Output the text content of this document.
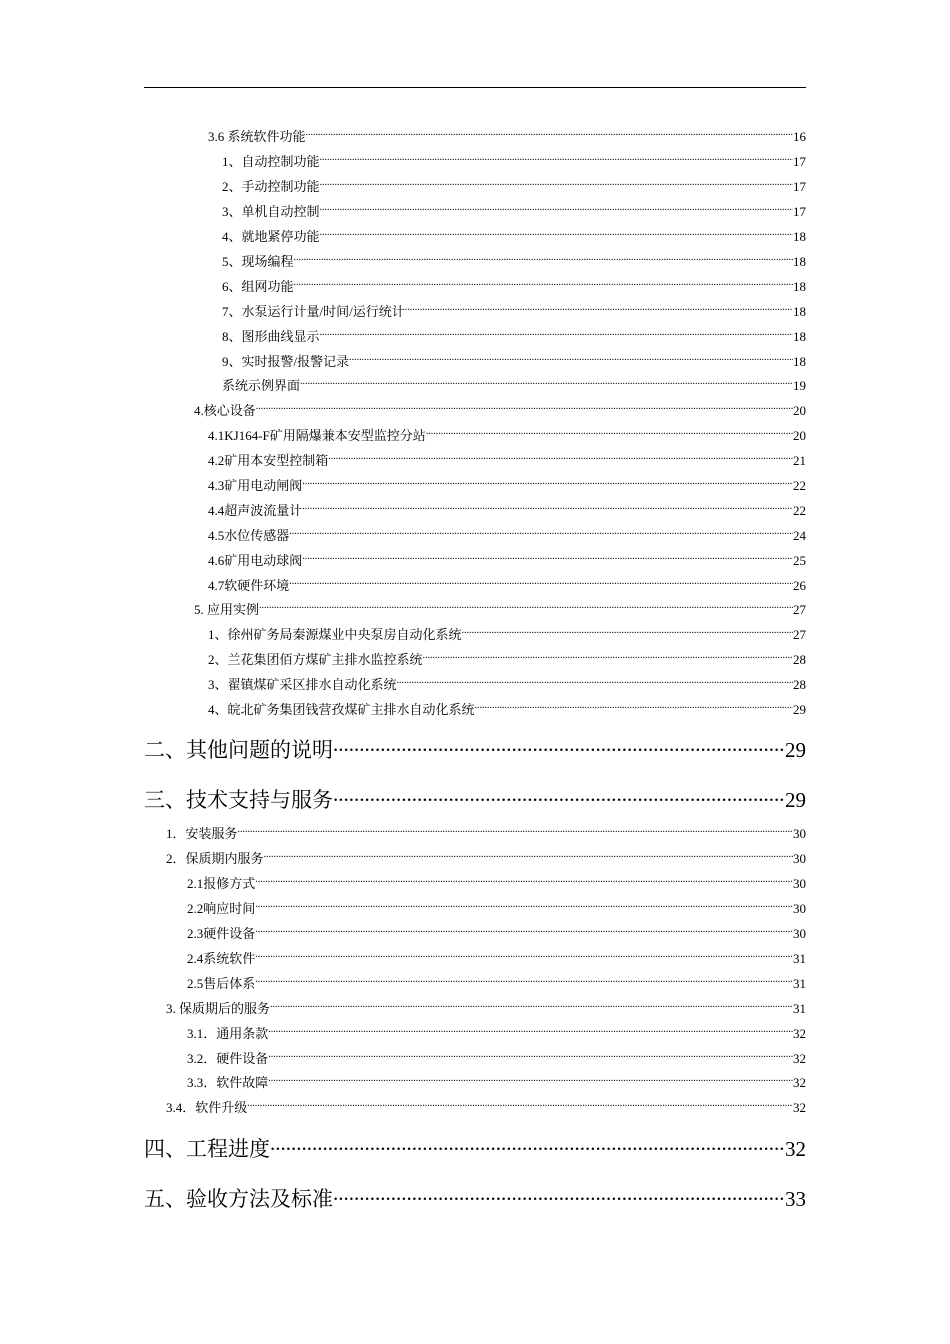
3.6 系统软件功能 .....	16
1、自动控制功能 .....	17
2、手动控制功能 .....	17
3、单机自动控制 .....	17
4、就地紧停功能 .....	18
5、现场编程 .....	18
6、组网功能 .....	18
7、水泵运行计量/时间/运行统计 .....	18
8、图形曲线显示 .....	18
9、实时报警/报警记录 .....	18
系统示例界面 .....	19
4.核心设备 .....	20
4.1KJ164-F矿用隔爆兼本安型监控分站 .....	20
4.2矿用本安型控制箱 .....	21
4.3矿用电动闸阀 .....	22
4.4超声波流量计 .....	22
4.5水位传感器 .....	24
4.6矿用电动球阀 .....	25
4.7软硬件环境 .....	26
5. 应用实例 .....	27
1、徐州矿务局秦源煤业中央泵房自动化系统 .....	27
2、兰花集团佰方煤矿主排水监控系统 .....	28
3、翟镇煤矿采区排水自动化系统 .....	28
4、皖北矿务集团钱营孜煤矿主排水自动化系统 .....	29
二、其他问题的说明 .....	29
三、技术支持与服务 .....	29
1．安装服务 .....	30
2．保质期内服务 .....	30
2.1报修方式 .....	30
2.2响应时间 .....	30
2.3硬件设备 .....	30
2.4系统软件 .....	31
2.5售后体系 .....	31
3. 保质期后的服务 .....	31
3.1．通用条款 .....	32
3.2．硬件设备 .....	32
3.3．软件故障 .....	32
3.4．软件升级 .....	32
四、工程进度 .....	32
五、验收方法及标准 .....	33
